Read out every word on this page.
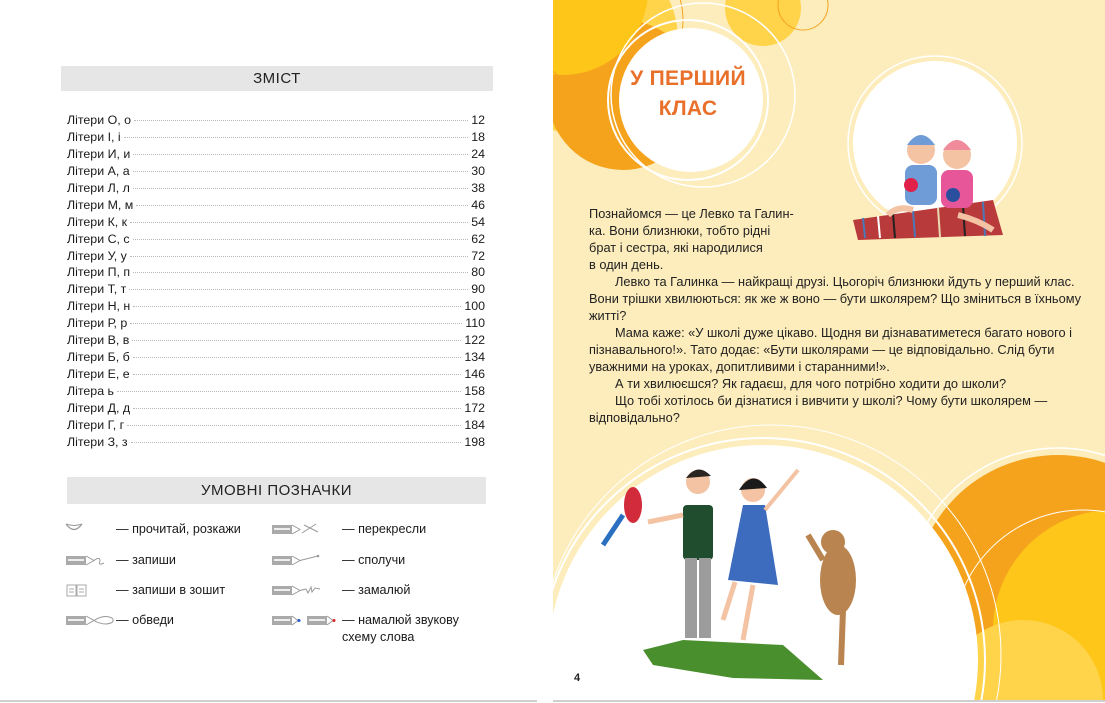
ЗМІСТ
Літери О, о	12
Літери І, і	18
Літери И, и	24
Літери А, а	30
Літери Л, л	38
Літери М, м	46
Літери К, к	54
Літери С, с	62
Літери У, у	72
Літери П, п	80
Літери Т, т	90
Літери Н, н	100
Літери Р, р	110
Літери В, в	122
Літери Б, б	134
Літери Е, е	146
Літера ь	158
Літери Д, д	172
Літери Г, г	184
Літери З, з	198
УМОВНІ ПОЗНАЧКИ
— прочитай, розкажи
— запиши
— запиши в зошит
— обведи
— перекресли
— сполучи
— замалюй
— намалюй звукову
схему слова
У ПЕРШИЙ
КЛАС

Познайомся — це Левко та Галин-
ка. Вони близнюки, тобто рідні
брат і сестра, які народилися
в один день.

Левко та Галинка — найкращі друзі. Цьогоріч близнюки йдуть у перший клас. Вони трішки хвилюються: як же ж воно — бути школярем? Що зміниться в їхньому житті?

Мама каже: «У школі дуже цікаво. Щодня ви дізнаватиметеся багато нового і пізнавального!». Тато додає: «Бути школярами — це відповідально. Слід бути уважними на уроках, допитливими і старанними!».

А ти хвилюєшся? Як гадаєш, для чого потрібно ходити до школи?

Що тобі хотілось би дізнатися і вивчити у школі? Чому бути школярем — відповідально?

4
